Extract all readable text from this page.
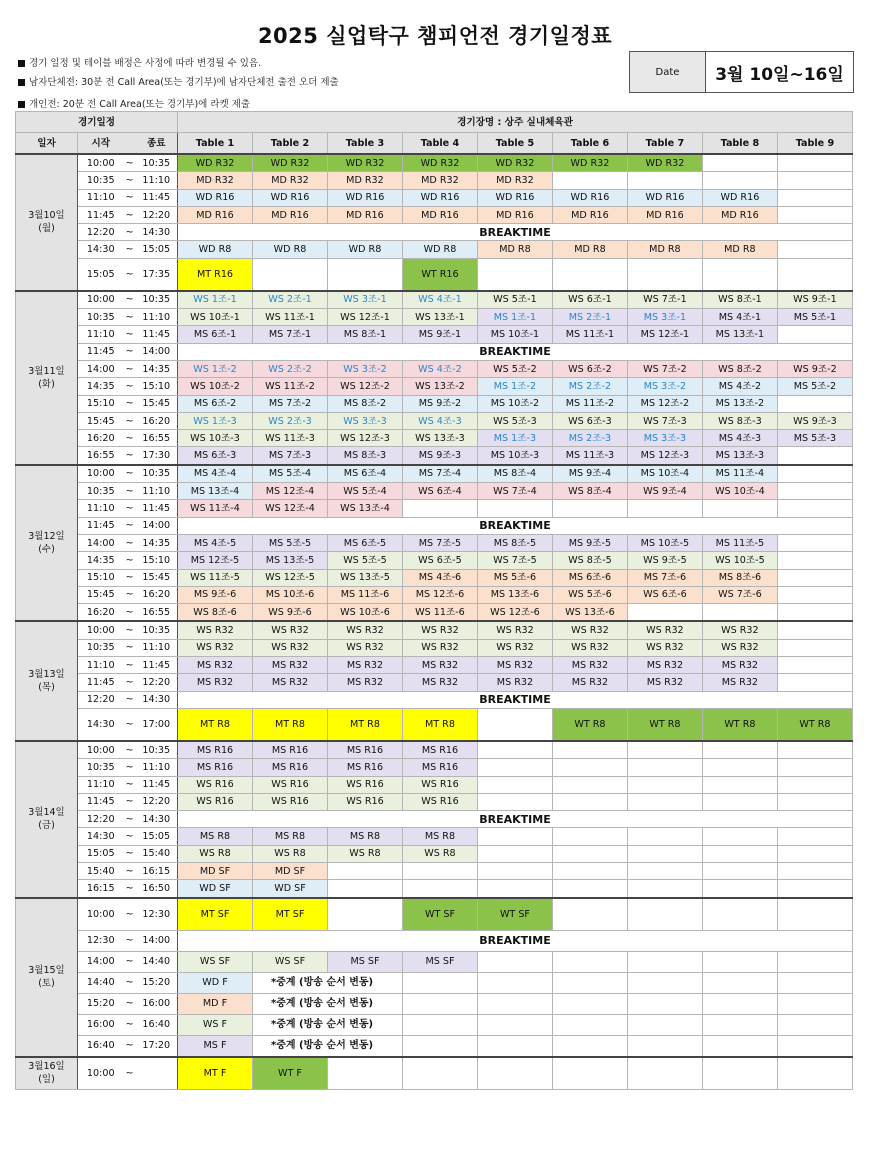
2025 실업탁구 챔피언전 경기일정표
경기 일정 및 테이블 배정은 사정에 따라 변경될 수 있음.
남자단체전: 30분 전 Call Area(또는 경기부)에 남자단체전 출전 오더 제출
개인전: 20분 전 Call Area(또는 경기부)에 라켓 제출
Date	3월 10일~16일
경기일정				경기장명 : 상주 실내체육관								
일자	시작		종료	Table 1	Table 2	Table 3	Table 4	Table 5	Table 6	Table 7	Table 8	Table 9
3월10일
(월)	10:00	~	10:35	WD R32	WD R32	WD R32	WD R32	WD R32	WD R32	WD R32		
	10:35	~	11:10	MD R32	MD R32	MD R32	MD R32	MD R32				
	11:10	~	11:45	WD R16	WD R16	WD R16	WD R16	WD R16	WD R16	WD R16	WD R16	
	11:45	~	12:20	MD R16	MD R16	MD R16	MD R16	MD R16	MD R16	MD R16	MD R16	
	12:20	~	14:30	BREAKTIME								
	14:30	~	15:05	WD R8	WD R8	WD R8	WD R8	MD R8	MD R8	MD R8	MD R8	
	15:05	~	17:35	MT R16			WT R16					
3월11일
(화)	10:00	~	10:35	WS 1조-1	WS 2조-1	WS 3조-1	WS 4조-1	WS 5조-1	WS 6조-1	WS 7조-1	WS 8조-1	WS 9조-1
	10:35	~	11:10	WS 10조-1	WS 11조-1	WS 12조-1	WS 13조-1	MS 1조-1	MS 2조-1	MS 3조-1	MS 4조-1	MS 5조-1
	11:10	~	11:45	MS 6조-1	MS 7조-1	MS 8조-1	MS 9조-1	MS 10조-1	MS 11조-1	MS 12조-1	MS 13조-1	
	11:45	~	14:00	BREAKTIME								
	14:00	~	14:35	WS 1조-2	WS 2조-2	WS 3조-2	WS 4조-2	WS 5조-2	WS 6조-2	WS 7조-2	WS 8조-2	WS 9조-2
	14:35	~	15:10	WS 10조-2	WS 11조-2	WS 12조-2	WS 13조-2	MS 1조-2	MS 2조-2	MS 3조-2	MS 4조-2	MS 5조-2
	15:10	~	15:45	MS 6조-2	MS 7조-2	MS 8조-2	MS 9조-2	MS 10조-2	MS 11조-2	MS 12조-2	MS 13조-2	
	15:45	~	16:20	WS 1조-3	WS 2조-3	WS 3조-3	WS 4조-3	WS 5조-3	WS 6조-3	WS 7조-3	WS 8조-3	WS 9조-3
	16:20	~	16:55	WS 10조-3	WS 11조-3	WS 12조-3	WS 13조-3	MS 1조-3	MS 2조-3	MS 3조-3	MS 4조-3	MS 5조-3
	16:55	~	17:30	MS 6조-3	MS 7조-3	MS 8조-3	MS 9조-3	MS 10조-3	MS 11조-3	MS 12조-3	MS 13조-3	
3월12일
(수)	10:00	~	10:35	MS 4조-4	MS 5조-4	MS 6조-4	MS 7조-4	MS 8조-4	MS 9조-4	MS 10조-4	MS 11조-4	
	10:35	~	11:10	MS 13조-4	MS 12조-4	WS 5조-4	WS 6조-4	WS 7조-4	WS 8조-4	WS 9조-4	WS 10조-4	
	11:10	~	11:45	WS 11조-4	WS 12조-4	WS 13조-4						
	11:45	~	14:00	BREAKTIME								
	14:00	~	14:35	MS 4조-5	MS 5조-5	MS 6조-5	MS 7조-5	MS 8조-5	MS 9조-5	MS 10조-5	MS 11조-5	
	14:35	~	15:10	MS 12조-5	MS 13조-5	WS 5조-5	WS 6조-5	WS 7조-5	WS 8조-5	WS 9조-5	WS 10조-5	
	15:10	~	15:45	WS 11조-5	WS 12조-5	WS 13조-5	MS 4조-6	MS 5조-6	MS 6조-6	MS 7조-6	MS 8조-6	
	15:45	~	16:20	MS 9조-6	MS 10조-6	MS 11조-6	MS 12조-6	MS 13조-6	WS 5조-6	WS 6조-6	WS 7조-6	
	16:20	~	16:55	WS 8조-6	WS 9조-6	WS 10조-6	WS 11조-6	WS 12조-6	WS 13조-6			
3월13일
(목)	10:00	~	10:35	WS R32	WS R32	WS R32	WS R32	WS R32	WS R32	WS R32	WS R32	
	10:35	~	11:10	WS R32	WS R32	WS R32	WS R32	WS R32	WS R32	WS R32	WS R32	
	11:10	~	11:45	MS R32	MS R32	MS R32	MS R32	MS R32	MS R32	MS R32	MS R32	
	11:45	~	12:20	MS R32	MS R32	MS R32	MS R32	MS R32	MS R32	MS R32	MS R32	
	12:20	~	14:30	BREAKTIME								
	14:30	~	17:00	MT R8	MT R8	MT R8	MT R8		WT R8	WT R8	WT R8	WT R8
3월14일
(금)	10:00	~	10:35	MS R16	MS R16	MS R16	MS R16					
	10:35	~	11:10	MS R16	MS R16	MS R16	MS R16					
	11:10	~	11:45	WS R16	WS R16	WS R16	WS R16					
	11:45	~	12:20	WS R16	WS R16	WS R16	WS R16					
	12:20	~	14:30	BREAKTIME								
	14:30	~	15:05	MS R8	MS R8	MS R8	MS R8					
	15:05	~	15:40	WS R8	WS R8	WS R8	WS R8					
	15:40	~	16:15	MD SF	MD SF							
	16:15	~	16:50	WD SF	WD SF							
3월15일
(토)	10:00	~	12:30	MT SF	MT SF		WT SF	WT SF				
	12:30	~	14:00	BREAKTIME								
	14:00	~	14:40	WS SF	WS SF	MS SF	MS SF					
	14:40	~	15:20	WD F	*중계 (방송 순서 변동)							
	15:20	~	16:00	MD F	*중계 (방송 순서 변동)							
	16:00	~	16:40	WS F	*중계 (방송 순서 변동)							
	16:40	~	17:20	MS F	*중계 (방송 순서 변동)							
3월16일
(일)	10:00	~		MT F	WT F							
